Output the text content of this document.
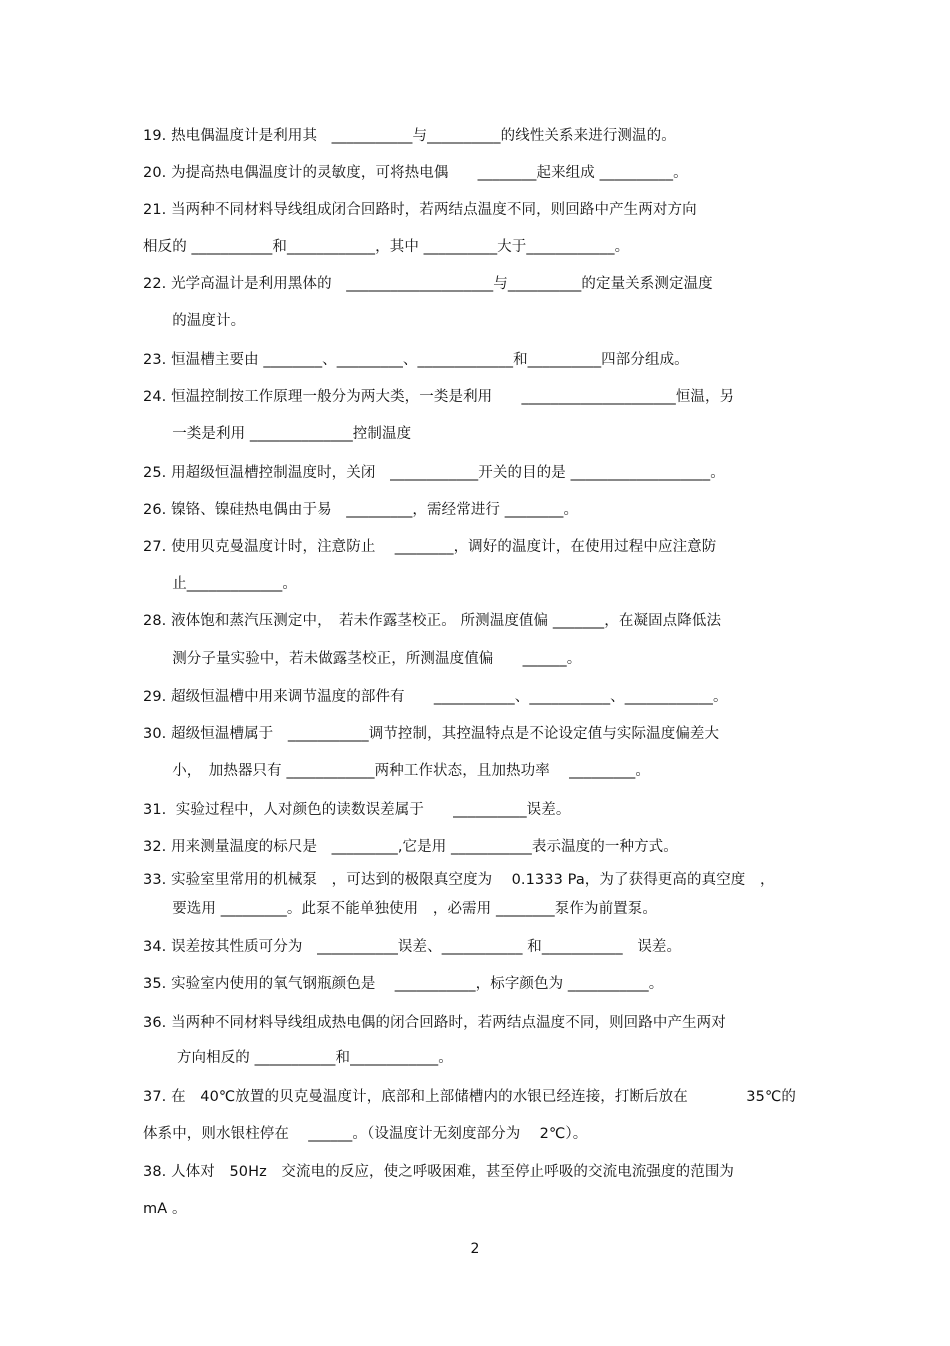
19. 热电偶温度计是利用其　___________与__________的线性关系来进行测温的。
20. 为提高热电偶温度计的灵敏度，可将热电偶　　________起来组成 __________。
21. 当两种不同材料导线组成闭合回路时，若两结点温度不同，则回路中产生两对方向
相反的 ___________和____________，其中 __________大于____________。
22. 光学高温计是利用黑体的　____________________与__________的定量关系测定温度
　　的温度计。
23. 恒温槽主要由 ________、_________、_____________和__________四部分组成。
24. 恒温控制按工作原理一般分为两大类，一类是利用　　_____________________恒温，另
　　一类是利用 ______________控制温度
25. 用超级恒温槽控制温度时，关闭　____________开关的目的是 ___________________。
26. 镍铬、镍硅热电偶由于易　_________，需经常进行 ________。
27. 使用贝克曼温度计时，注意防止　 ________，调好的温度计，在使用过程中应注意防
　　止_____________。
28. 液体饱和蒸汽压测定中，　若未作露茎校正。 所测温度值偏 _______，在凝固点降低法
　　测分子量实验中，若未做露茎校正，所测温度值偏　　______。
29. 超级恒温槽中用来调节温度的部件有　　___________、___________、____________。
30. 超级恒温槽属于　___________调节控制，其控温特点是不论设定值与实际温度偏差大
　　小，　加热器只有 ____________两种工作状态，且加热功率　 _________。
31.  实验过程中，人对颜色的读数误差属于　　__________误差。
32. 用来测量温度的标尺是　_________,它是用 ___________表示温度的一种方式。
33. 实验室里常用的机械泵　，可达到的极限真空度为　 0.1333 Pa，为了获得更高的真空度　，
　　要选用 _________。此泵不能单独使用　，必需用 ________泵作为前置泵。
34. 误差按其性质可分为　___________误差、___________ 和___________　误差。
35. 实验室内使用的氧气钢瓶颜色是　 ___________，标字颜色为 ___________。
36. 当两种不同材料导线组成热电偶的闭合回路时，若两结点温度不同，则回路中产生两对
　　 方向相反的 ___________和____________。
37. 在　40℃放置的贝克曼温度计，底部和上部储槽内的水银已经连接，打断后放在　　　　35℃的
体系中，则水银柱停在　 ______。（设温度计无刻度部分为　 2℃）。
38. 人体对　50Hz　交流电的反应，使之呼吸困难，甚至停止呼吸的交流电流强度的范围为
mA 。
2
